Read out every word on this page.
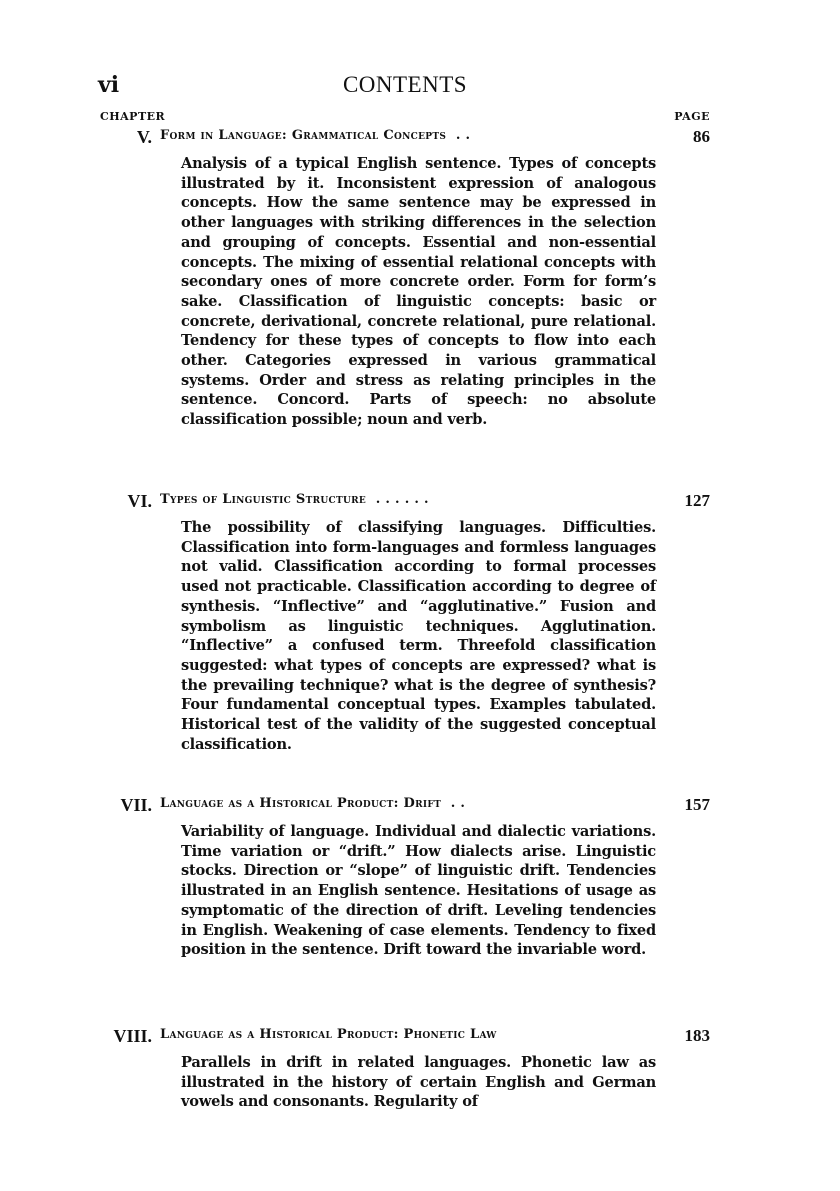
vi	CONTENTS
CHAPTER	PAGE
V. Form in Language: Grammatical Concepts . .	86

Analysis of a typical English sentence. Types of concepts illustrated by it. Inconsistent expression of analogous concepts. How the same sentence may be expressed in other languages with striking differences in the selection and grouping of concepts. Essential and non-essential concepts. The mixing of essential relational concepts with secondary ones of more concrete order. Form for form’s sake. Classification of linguistic concepts: basic or concrete, derivational, concrete relational, pure relational. Tendency for these types of concepts to flow into each other. Categories expressed in various grammatical systems. Order and stress as relating principles in the sentence. Concord. Parts of speech: no absolute classification possible; noun and verb.

VI. Types of Linguistic Structure . . . . . .	127

The possibility of classifying languages. Difficulties. Classification into form-languages and formless languages not valid. Classification according to formal processes used not practicable. Classification according to degree of synthesis. “Inflective” and “agglutinative.” Fusion and symbolism as linguistic techniques. Agglutination. “Inflective” a confused term. Threefold classification suggested: what types of concepts are expressed? what is the prevailing technique? what is the degree of synthesis? Four fundamental conceptual types. Examples tabulated. Historical test of the validity of the suggested conceptual classification.

VII. Language as a Historical Product: Drift . .	157

Variability of language. Individual and dialectic variations. Time variation or “drift.” How dialects arise. Linguistic stocks. Direction or “slope” of linguistic drift. Tendencies illustrated in an English sentence. Hesitations of usage as symptomatic of the direction of drift. Leveling tendencies in English. Weakening of case elements. Tendency to fixed position in the sentence. Drift toward the invariable word.

VIII. Language as a Historical Product: Phonetic Law	183

Parallels in drift in related languages. Phonetic law as illustrated in the history of certain English and German vowels and consonants. Regularity of
